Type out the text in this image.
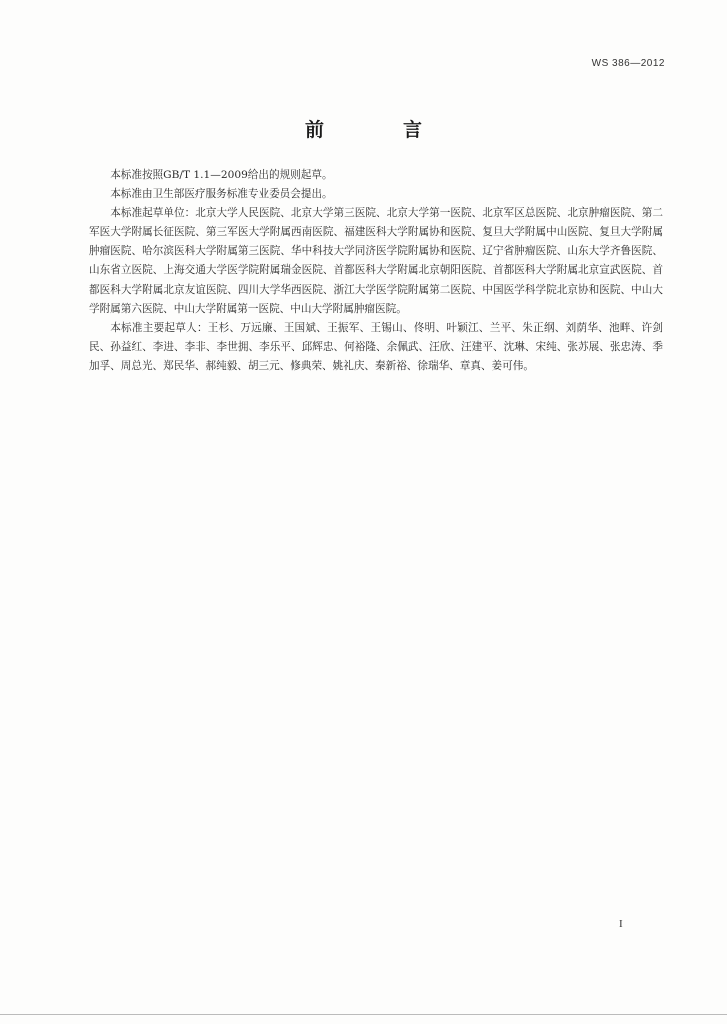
WS 386—2012
前　言

本标准按照GB/T 1.1—2009给出的规则起草。

本标准由卫生部医疗服务标准专业委员会提出。

本标准起草单位：北京大学人民医院、北京大学第三医院、北京大学第一医院、北京军区总医院、北京肿瘤医院、第二军医大学附属长征医院、第三军医大学附属西南医院、福建医科大学附属协和医院、复旦大学附属中山医院、复旦大学附属肿瘤医院、哈尔滨医科大学附属第三医院、华中科技大学同济医学院附属协和医院、辽宁省肿瘤医院、山东大学齐鲁医院、山东省立医院、上海交通大学医学院附属瑞金医院、首都医科大学附属北京朝阳医院、首都医科大学附属北京宣武医院、首都医科大学附属北京友谊医院、四川大学华西医院、浙江大学医学院附属第二医院、中国医学科学院北京协和医院、中山大学附属第六医院、中山大学附属第一医院、中山大学附属肿瘤医院。

本标准主要起草人：王杉、万远廉、王国斌、王振军、王锡山、佟明、叶颖江、兰平、朱正纲、刘荫华、池畔、许剑民、孙益红、李进、李非、李世拥、李乐平、邱辉忠、何裕隆、余佩武、汪欣、汪建平、沈琳、宋纯、张苏展、张忠涛、季加孚、周总光、郑民华、郝纯毅、胡三元、修典荣、姚礼庆、秦新裕、徐瑞华、章真、姜可伟。

I
